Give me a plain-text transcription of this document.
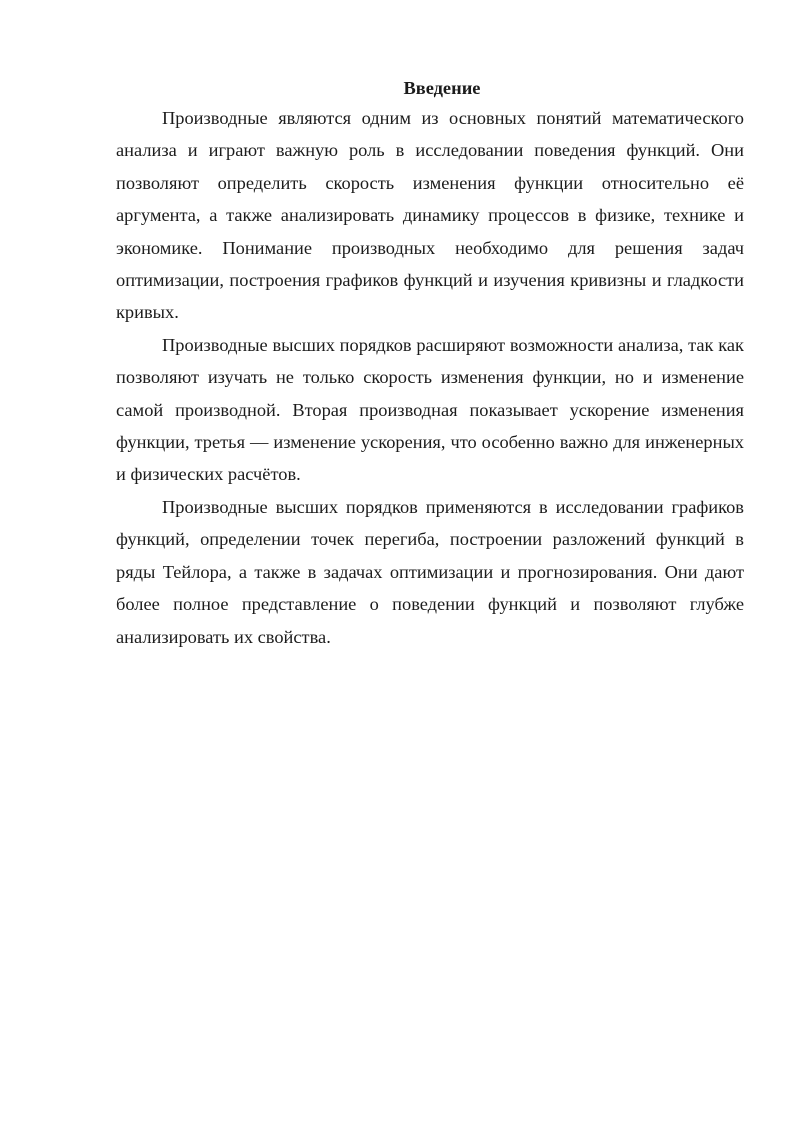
Введение

Производные являются одним из основных понятий математического анализа и играют важную роль в исследовании поведения функций. Они позволяют определить скорость изменения функции относительно её аргумента, а также анализировать динамику процессов в физике, технике и экономике. Понимание производных необходимо для решения задач оптимизации, построения графиков функций и изучения кривизны и гладкости кривых.

Производные высших порядков расширяют возможности анализа, так как позволяют изучать не только скорость изменения функции, но и изменение самой производной. Вторая производная показывает ускорение изменения функции, третья — изменение ускорения, что особенно важно для инженерных и физических расчётов.

Производные высших порядков применяются в исследовании графиков функций, определении точек перегиба, построении разложений функций в ряды Тейлора, а также в задачах оптимизации и прогнозирования. Они дают более полное представление о поведении функций и позволяют глубже анализировать их свойства.
